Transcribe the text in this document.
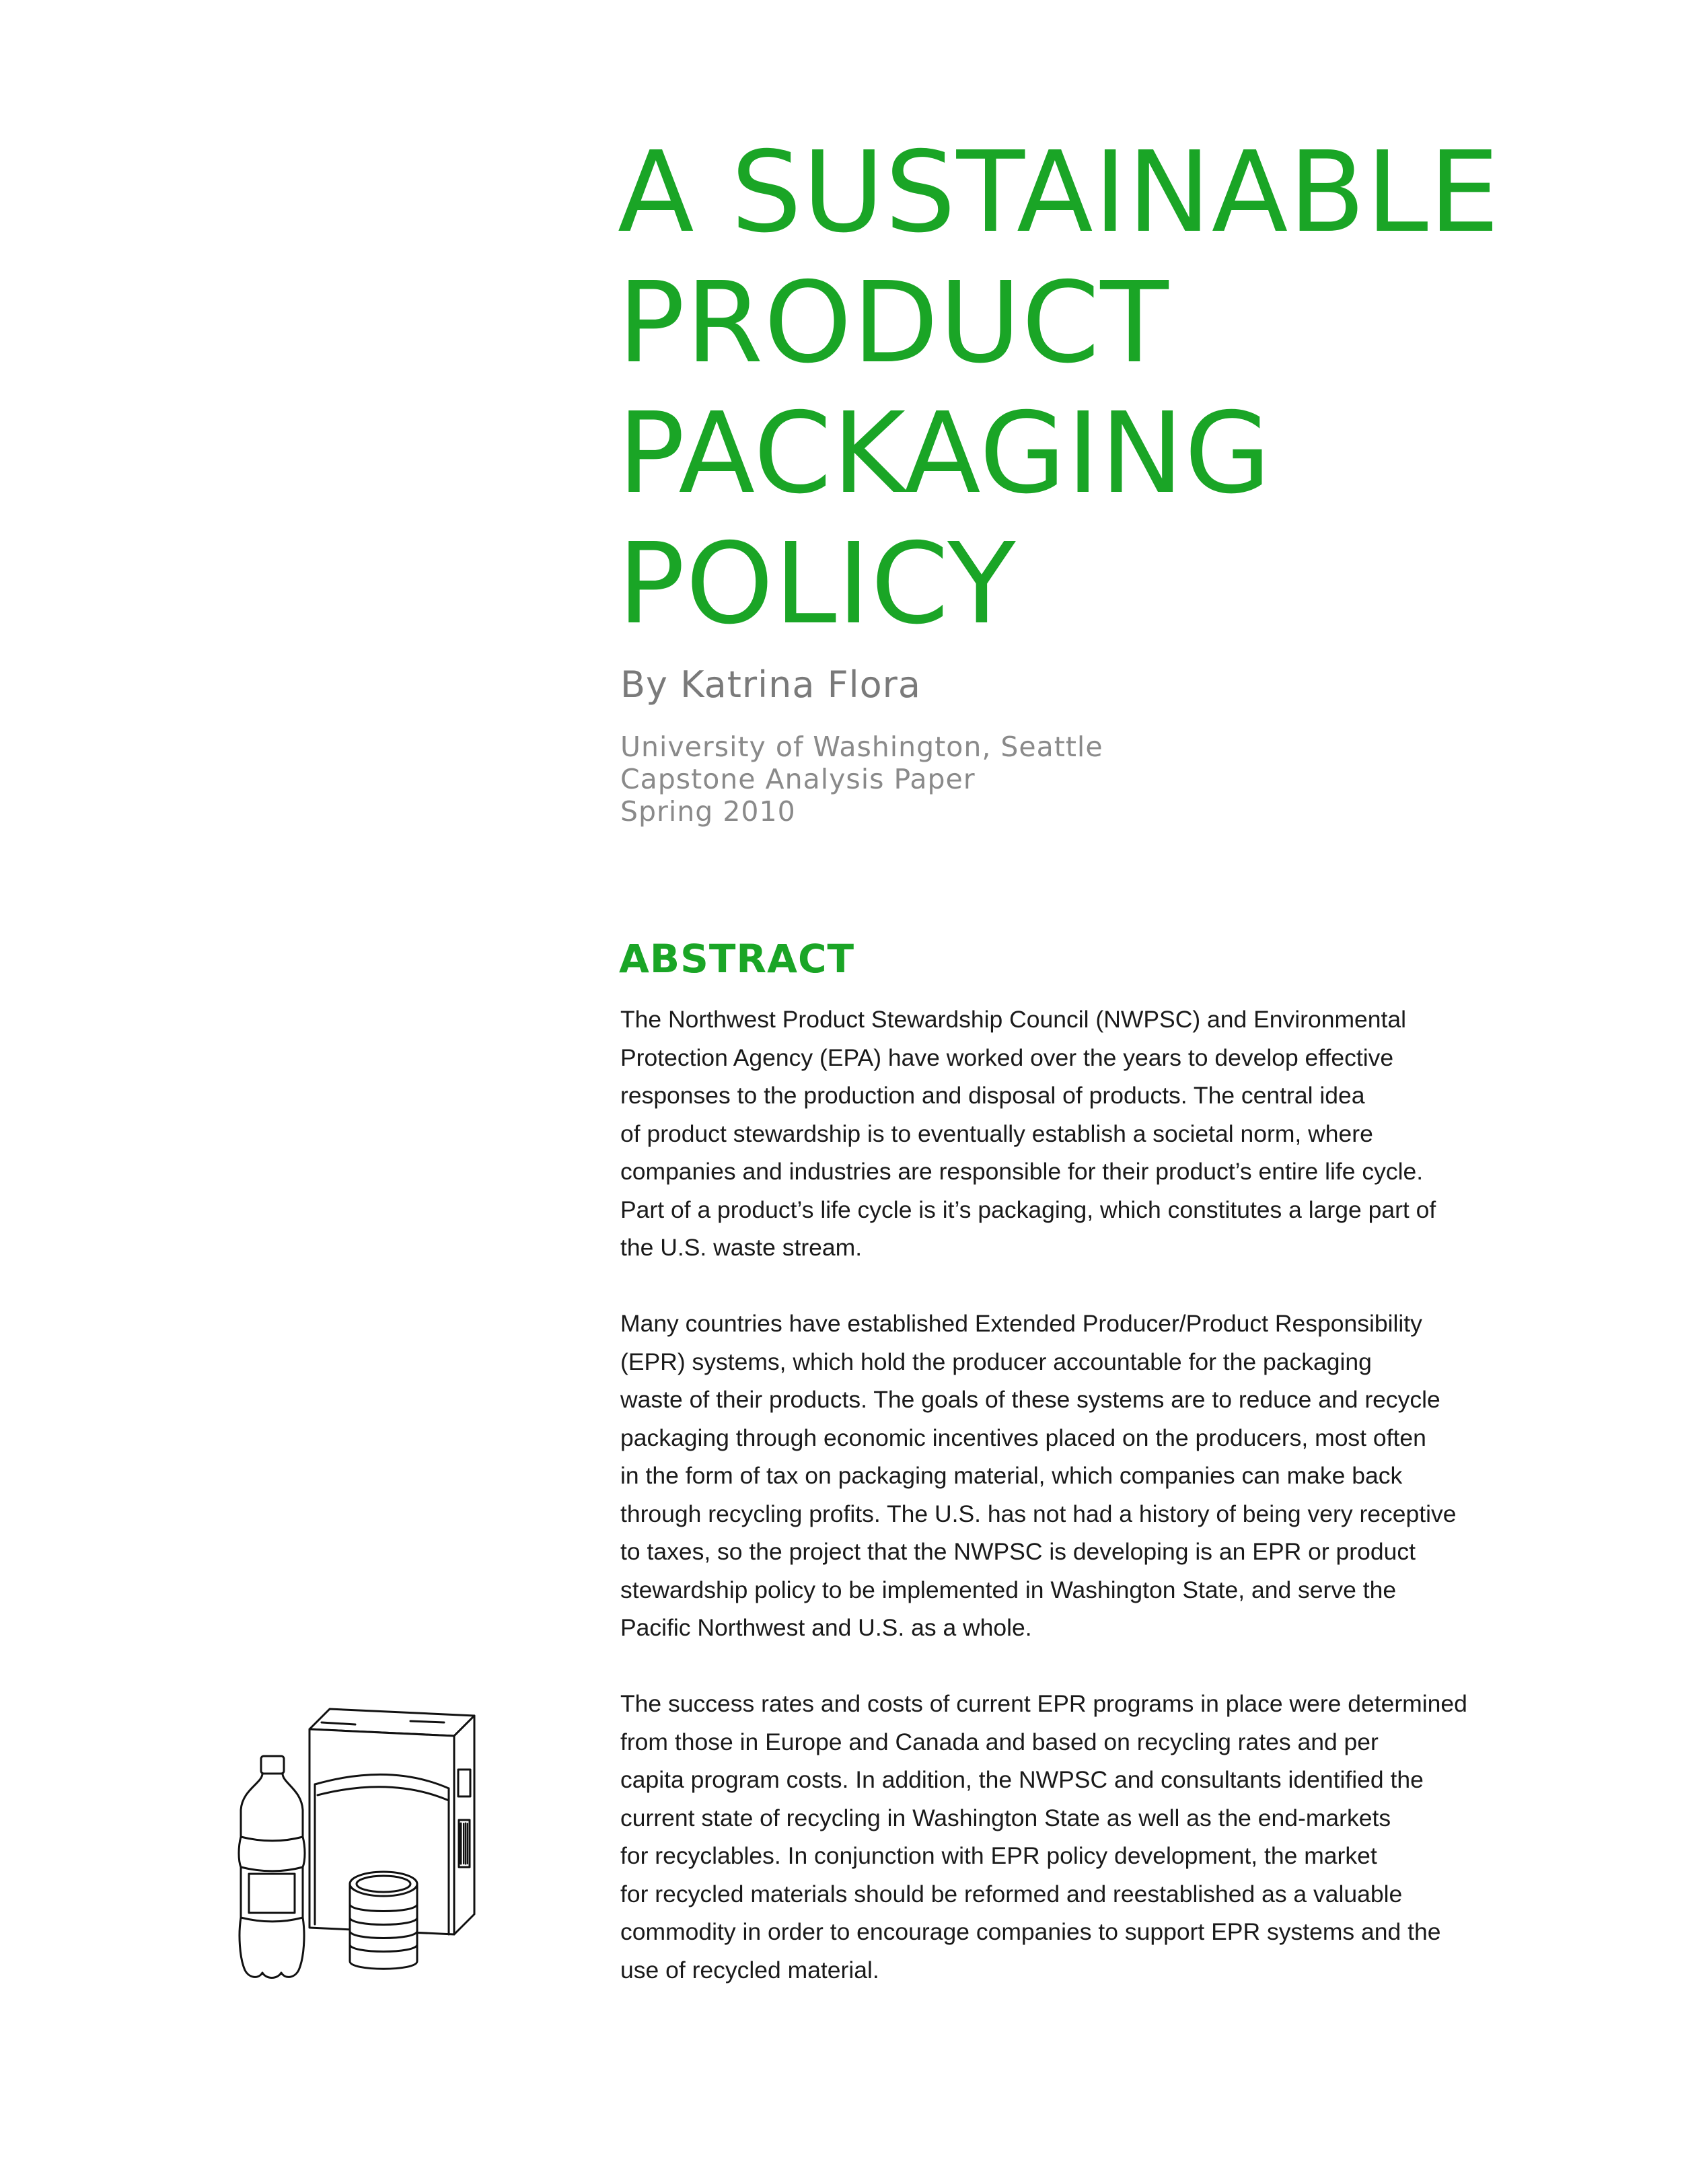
A SUSTAINABLE
PRODUCT
PACKAGING
POLICY

By Katrina Flora

University of Washington, Seattle
Capstone Analysis Paper
Spring 2010

ABSTRACT

The Northwest Product Stewardship Council (NWPSC) and Environmental
Protection Agency (EPA) have worked over the years to develop effective
responses to the production and disposal of products. The central idea
of product stewardship is to eventually establish a societal norm, where
companies and industries are responsible for their product’s entire life cycle.
Part of a product’s life cycle is it’s packaging, which constitutes a large part of
the U.S. waste stream.

Many countries have established Extended Producer/Product Responsibility
(EPR) systems, which hold the producer accountable for the packaging
waste of their products. The goals of these systems are to reduce and recycle
packaging through economic incentives placed on the producers, most often
in the form of tax on packaging material, which companies can make back
through recycling profits. The U.S. has not had a history of being very receptive
to taxes, so the project that the NWPSC is developing is an EPR or product
stewardship policy to be implemented in Washington State, and serve the
Pacific Northwest and U.S. as a whole.

The success rates and costs of current EPR programs in place were determined
from those in Europe and Canada and based on recycling rates and per
capita program costs. In addition, the NWPSC and consultants identified the
current state of recycling in Washington State as well as the end-markets
for recyclables. In conjunction with EPR policy development, the market
for recycled materials should be reformed and reestablished as a valuable
commodity in order to encourage companies to support EPR systems and the
use of recycled material.
